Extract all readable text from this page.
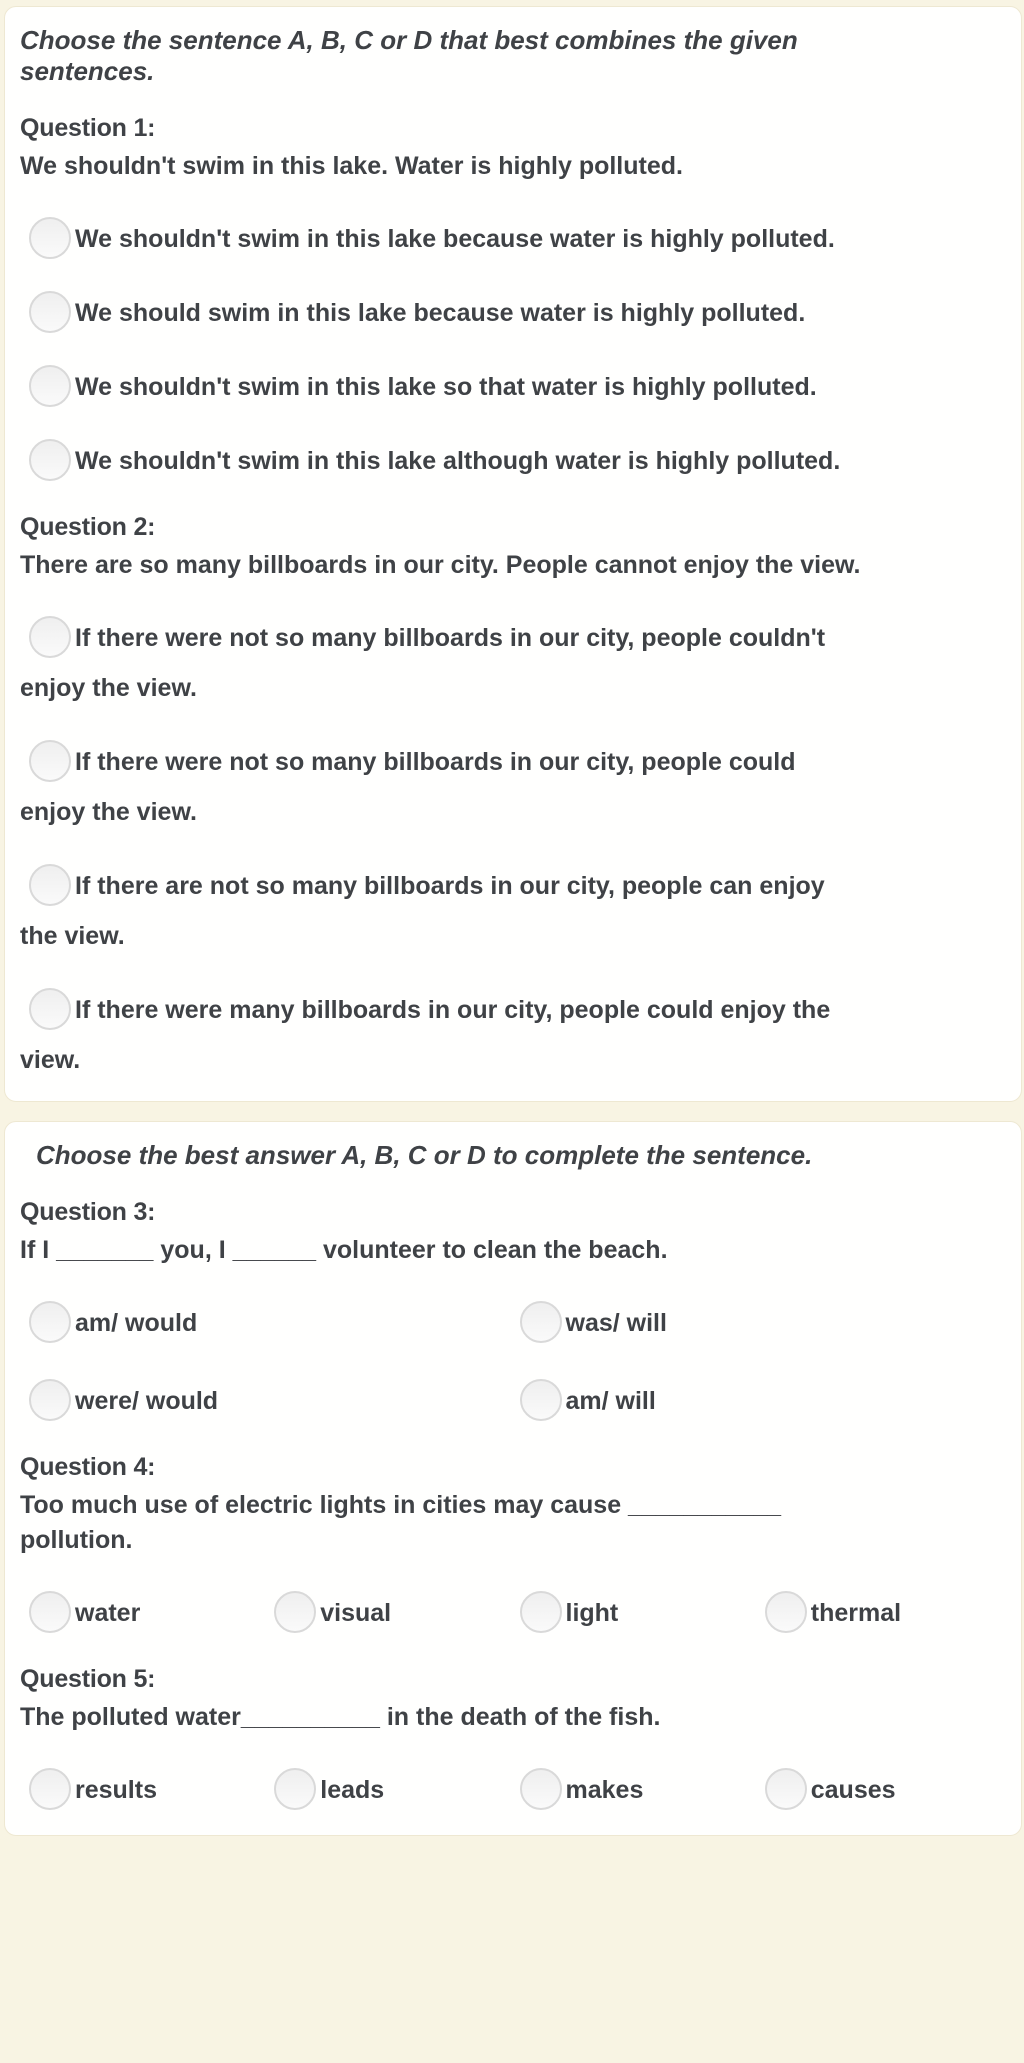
Choose the sentence A, B, C or D that best combines the given sentences.

Question 1:
We shouldn't swim in this lake. Water is highly polluted.
We shouldn't swim in this lake because water is highly polluted.
We should swim in this lake because water is highly polluted.
We shouldn't swim in this lake so that water is highly polluted.
We shouldn't swim in this lake although water is highly polluted.
Question 2:
There are so many billboards in our city. People cannot enjoy the view.
If there were not so many billboards in our city, people couldn't enjoy the view.
If there were not so many billboards in our city, people could enjoy the view.
If there are not so many billboards in our city, people can enjoy the view.
If there were many billboards in our city, people could enjoy the view.

Choose the best answer A, B, C or D to complete the sentence.

Question 3:
If I _______ you, I ______ volunteer to clean the beach.
am/ would	was/ will
were/ would	am/ will
Question 4:
Too much use of electric lights in cities may cause ___________ pollution.
water	visual	light	thermal
Question 5:
The polluted water__________ in the death of the fish.
results	leads	makes	causes
